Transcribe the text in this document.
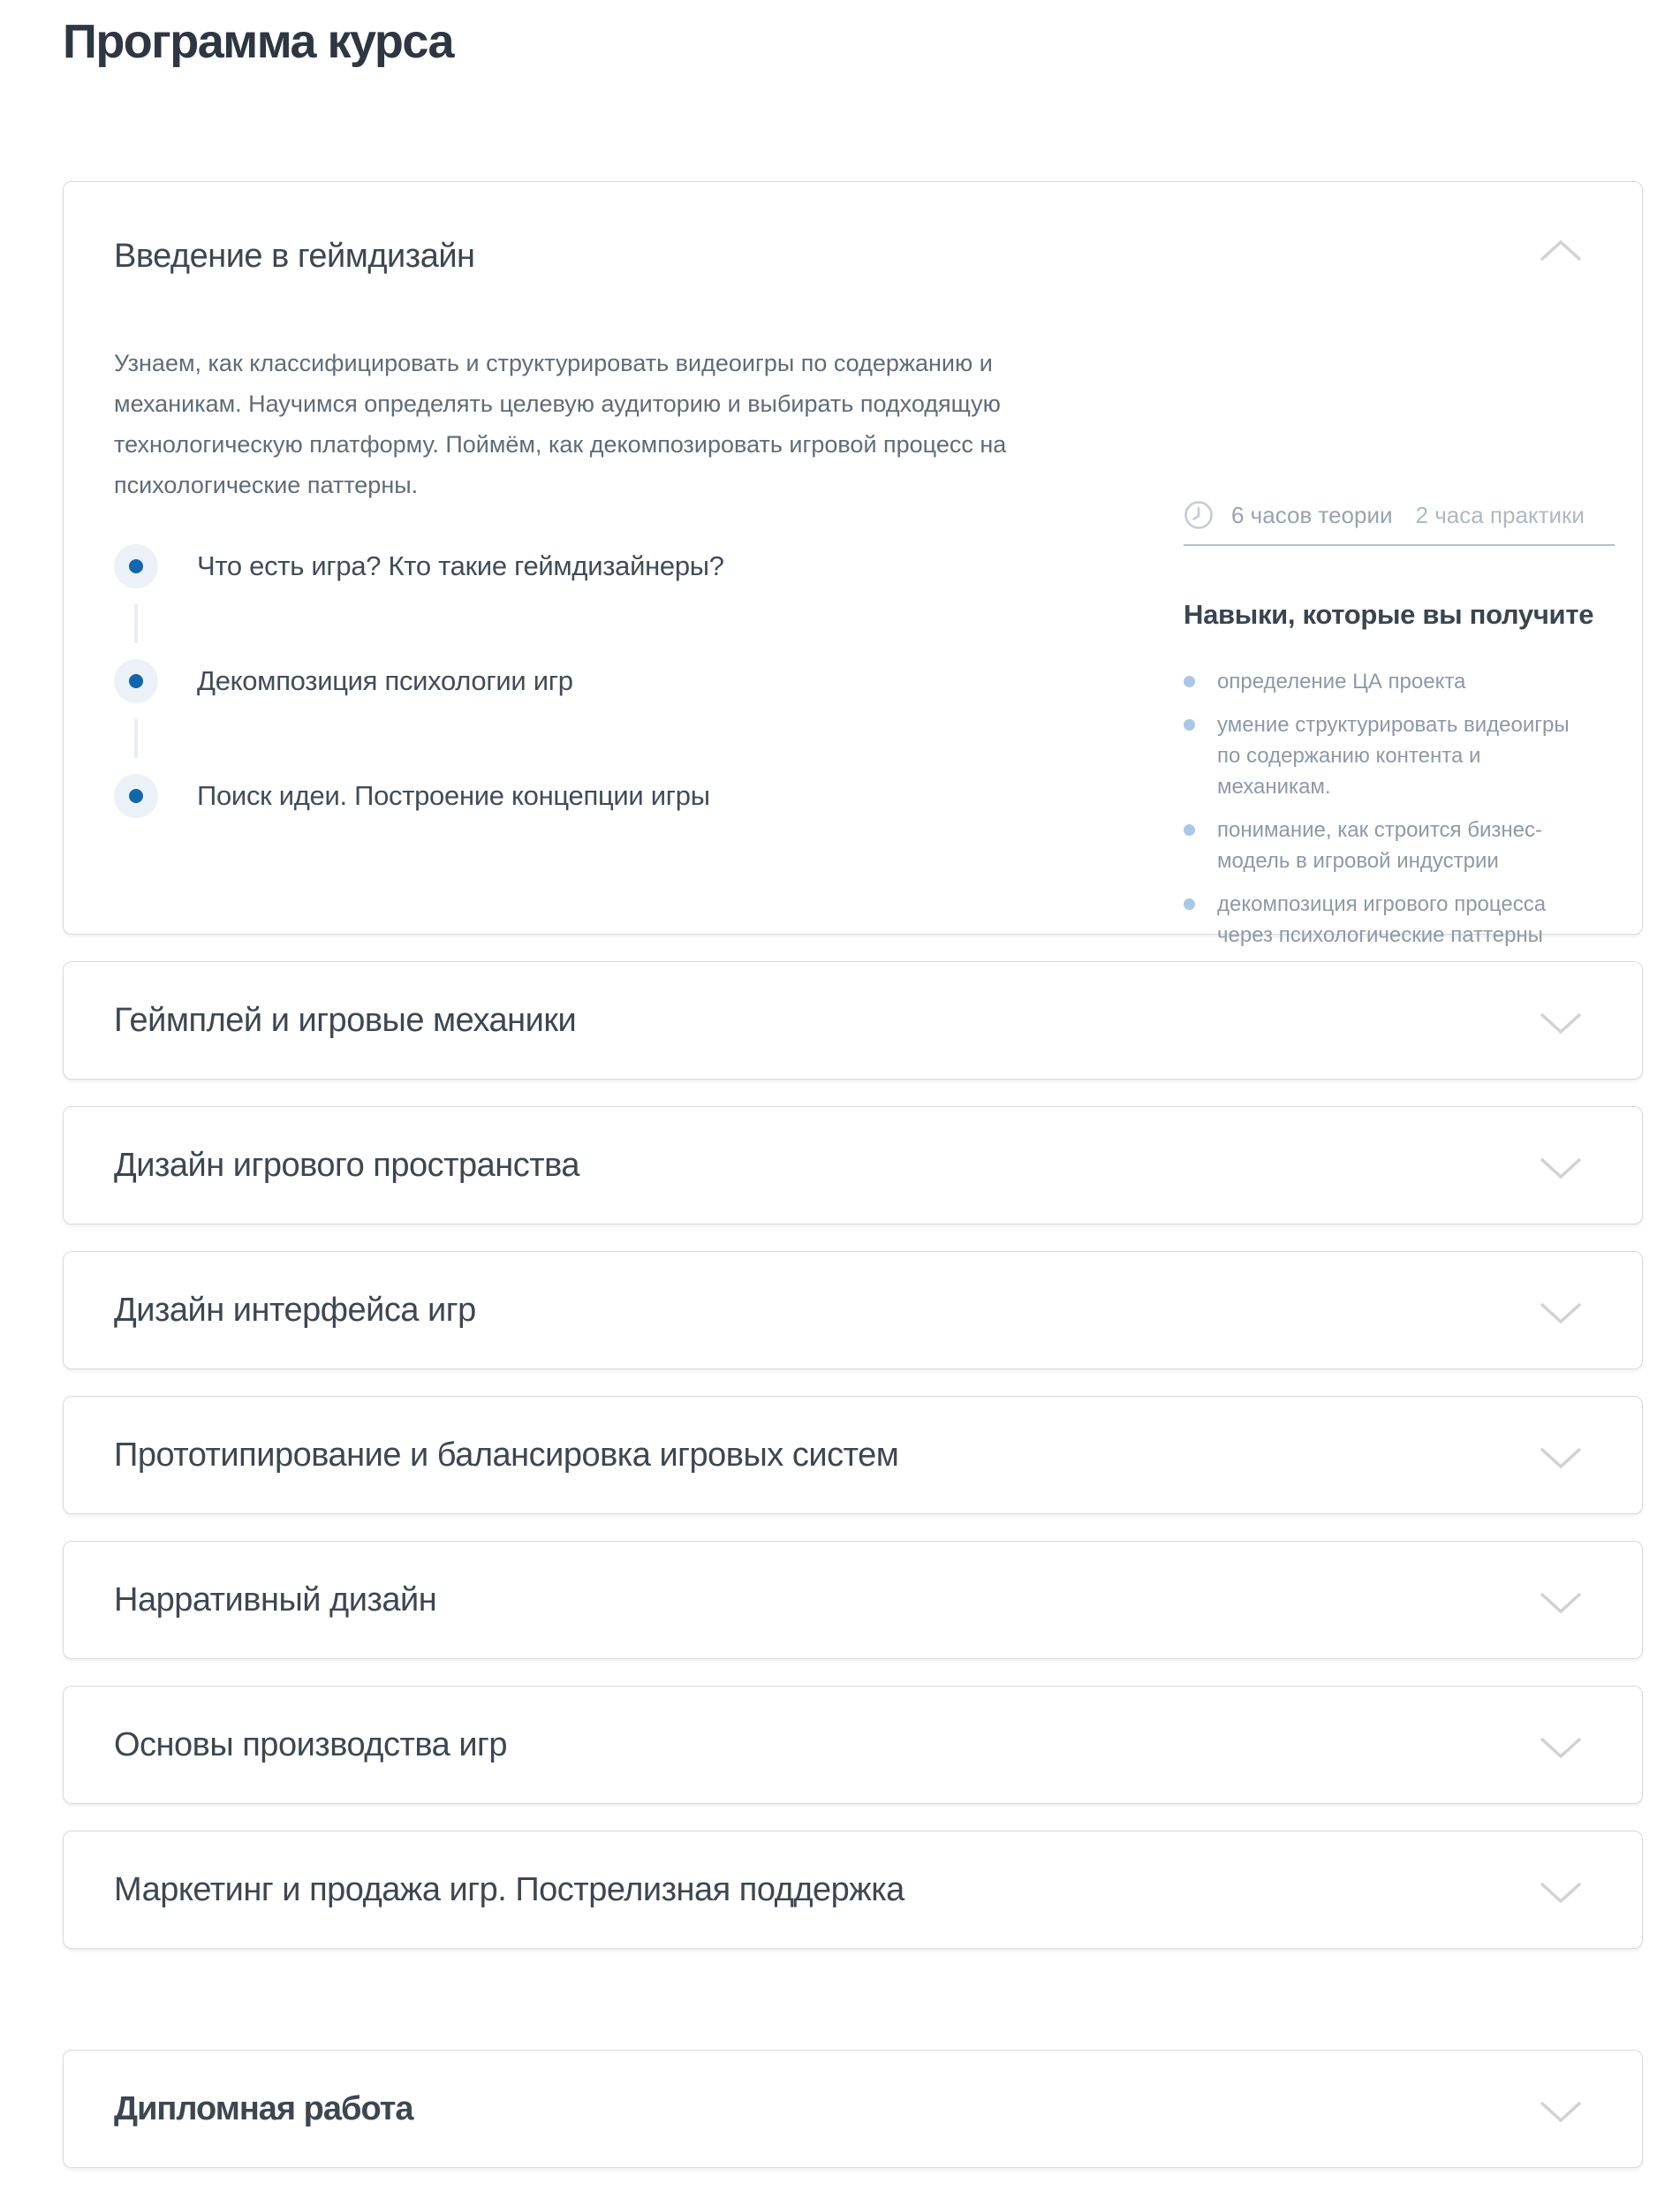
Программа курса
Введение в геймдизайн

Узнаем, как классифицировать и структурировать видеоигры по содержанию и механикам. Научимся определять целевую аудиторию и выбирать подходящую технологическую платформу. Поймём, как декомпозировать игровой процесс на психологические паттерны.

Что есть игра? Кто такие геймдизайнеры?
Декомпозиция психологии игр
Поиск идеи. Построение концепции игры
6 часов теории 2 часа практики
Навыки, которые вы получите
определение ЦА проекта
умение структурировать видеоигры по содержанию контента и механикам.
понимание, как строится бизнес-модель в игровой индустрии
декомпозиция игрового процесса через психологические паттерны
Геймплей и игровые механики
Дизайн игрового пространства
Дизайн интерфейса игр
Прототипирование и балансировка игровых систем
Нарративный дизайн
Основы производства игр
Маркетинг и продажа игр. Пострелизная поддержка
Дипломная работа
